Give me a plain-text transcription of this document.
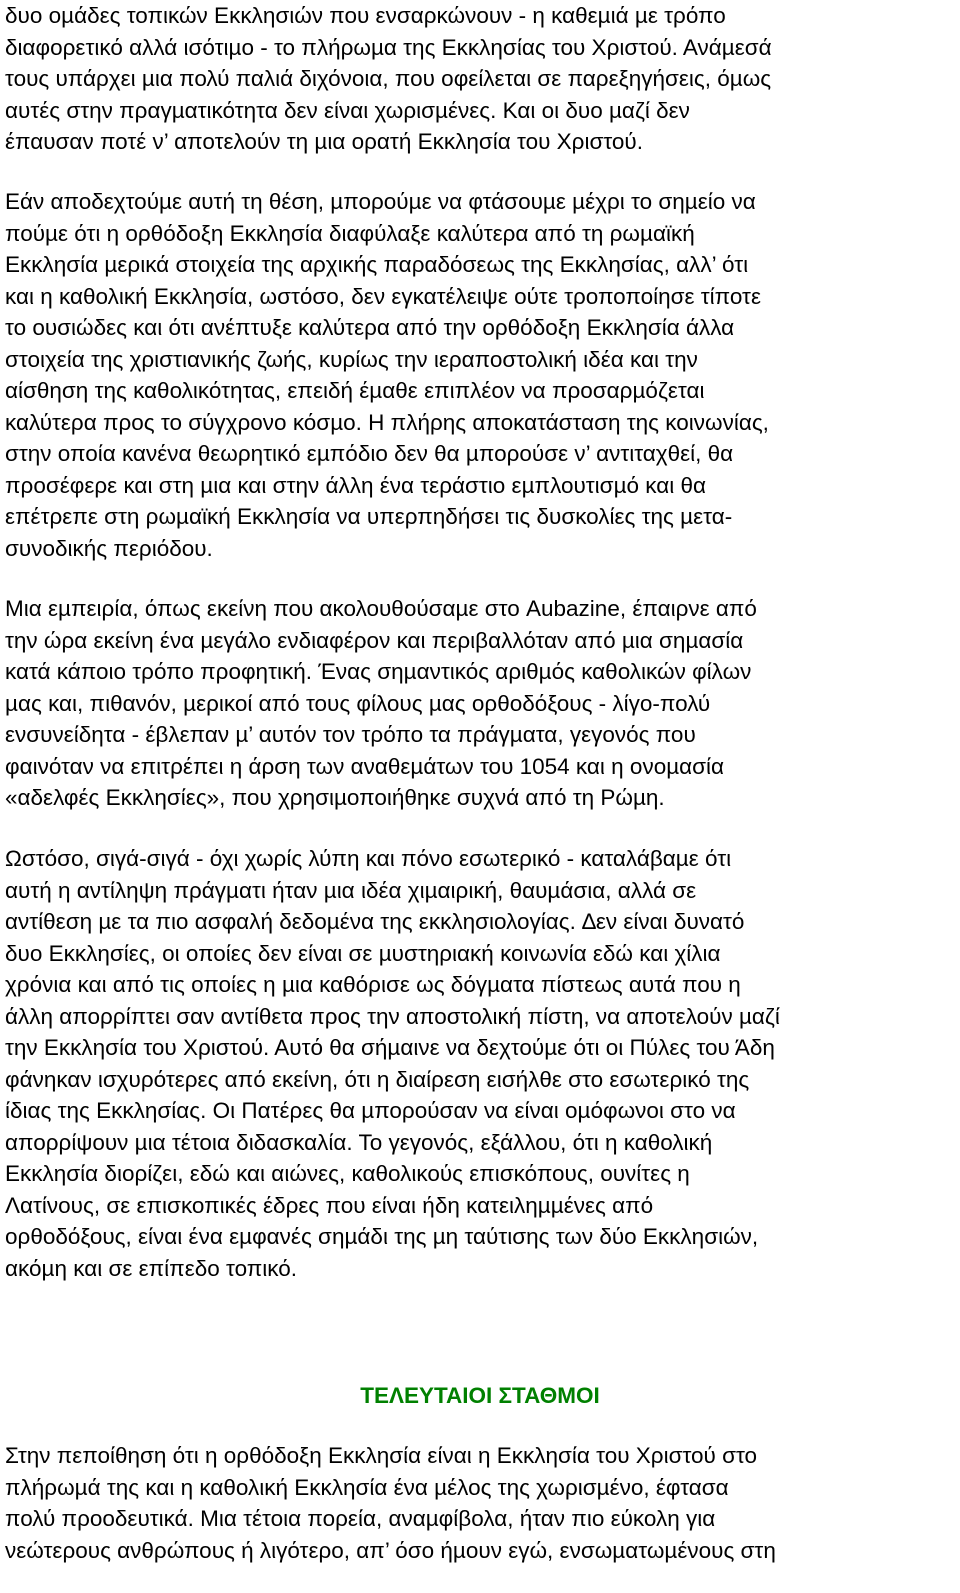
δυο οµάδες τοπικών Εκκλησιών που ενσαρκώνουν - η καθεµιά µε τρόπο
διαφορετικό αλλά ισότιµο - το πλήρωµα της Εκκλησίας του Χριστού. Ανάµεσά
τους υπάρχει µια πολύ παλιά διχόνοια, που οφείλεται σε παρεξηγήσεις, όµως
αυτές στην πραγµατικότητα δεν είναι χωρισµένες. Και οι δυο µαζί δεν
έπαυσαν ποτέ ν’ αποτελούν τη µια ορατή Εκκλησία του Χριστού.
Εάν αποδεχτούµε αυτή τη θέση, µπορούµε να φτάσουµε µέχρι το σηµείο να
πούµε ότι η ορθόδοξη Εκκλησία διαφύλαξε καλύτερα από τη ρωµαϊκή
Εκκλησία µερικά στοιχεία της αρχικής παραδόσεως της Εκκλησίας, αλλ’ ότι
και η καθολική Εκκλησία, ωστόσο, δεν εγκατέλειψε ούτε τροποποίησε τίποτε
το ουσιώδες και ότι ανέπτυξε καλύτερα από την ορθόδοξη Εκκλησία άλλα
στοιχεία της χριστιανικής ζωής, κυρίως την ιεραποστολική ιδέα και την
αίσθηση της καθολικότητας, επειδή έµαθε επιπλέον να προσαρµόζεται
καλύτερα προς το σύγχρονο κόσµο. Η πλήρης αποκατάσταση της κοινωνίας,
στην οποία κανένα θεωρητικό εµπόδιο δεν θα µπορούσε ν’ αντιταχθεί, θα
προσέφερε και στη µια και στην άλλη ένα τεράστιο εµπλουτισµό και θα
επέτρεπε στη ρωµαϊκή Εκκλησία να υπερπηδήσει τις δυσκολίες της µετα-
συνοδικής περιόδου.
Μια εµπειρία, όπως εκείνη που ακολουθούσαµε στο Aubazine, έπαιρνε από
την ώρα εκείνη ένα µεγάλο ενδιαφέρον και περιβαλλόταν από µια σηµασία
κατά κάποιο τρόπο προφητική. Ένας σηµαντικός αριθµός καθολικών φίλων
µας και, πιθανόν, µερικοί από τους φίλους µας ορθοδόξους - λίγο-πολύ
ενσυνείδητα - έβλεπαν µ’ αυτόν τον τρόπο τα πράγµατα, γεγονός που
φαινόταν να επιτρέπει η άρση των αναθεµάτων του 1054 και η ονοµασία
«αδελφές Εκκλησίες», που χρησιµοποιήθηκε συχνά από τη Ρώµη.
Ωστόσο, σιγά-σιγά - όχι χωρίς λύπη και πόνο εσωτερικό - καταλάβαµε ότι
αυτή η αντίληψη πράγµατι ήταν µια ιδέα χιµαιρική, θαυµάσια, αλλά σε
αντίθεση µε τα πιο ασφαλή δεδοµένα της εκκλησιολογίας. ∆εν είναι δυνατό
δυο Εκκλησίες, οι οποίες δεν είναι σε µυστηριακή κοινωνία εδώ και χίλια
χρόνια και από τις οποίες η µια καθόρισε ως δόγµατα πίστεως αυτά που η
άλλη απορρίπτει σαν αντίθετα προς την αποστολική πίστη, να αποτελούν µαζί
την Εκκλησία του Χριστού. Αυτό θα σήµαινε να δεχτούµε ότι οι Πύλες του Άδη
φάνηκαν ισχυρότερες από εκείνη, ότι η διαίρεση εισήλθε στο εσωτερικό της
ίδιας της Εκκλησίας. Οι Πατέρες θα µπορούσαν να είναι οµόφωνοι στο να
απορρίψουν µια τέτοια διδασκαλία. Το γεγονός, εξάλλου, ότι η καθολική
Εκκλησία διορίζει, εδώ και αιώνες, καθολικούς επισκόπους, ουνίτες η
Λατίνους, σε επισκοπικές έδρες που είναι ήδη κατειληµµένες από
ορθοδόξους, είναι ένα εµφανές σηµάδι της µη ταύτισης των δύο Εκκλησιών,
ακόµη και σε επίπεδο τοπικό.
ΤΕΛΕΥΤΑΙΟΙ ΣΤΑΘΜΟΙ
Στην πεποίθηση ότι η ορθόδοξη Εκκλησία είναι η Εκκλησία του Χριστού στο
πλήρωµά της και η καθολική Εκκλησία ένα µέλος της χωρισµένο, έφτασα
πολύ προοδευτικά. Μια τέτοια πορεία, αναµφίβολα, ήταν πιο εύκολη για
νεώτερους ανθρώπους ή λιγότερο, απ’ όσο ήµουν εγώ, ενσωµατωµένους στη
